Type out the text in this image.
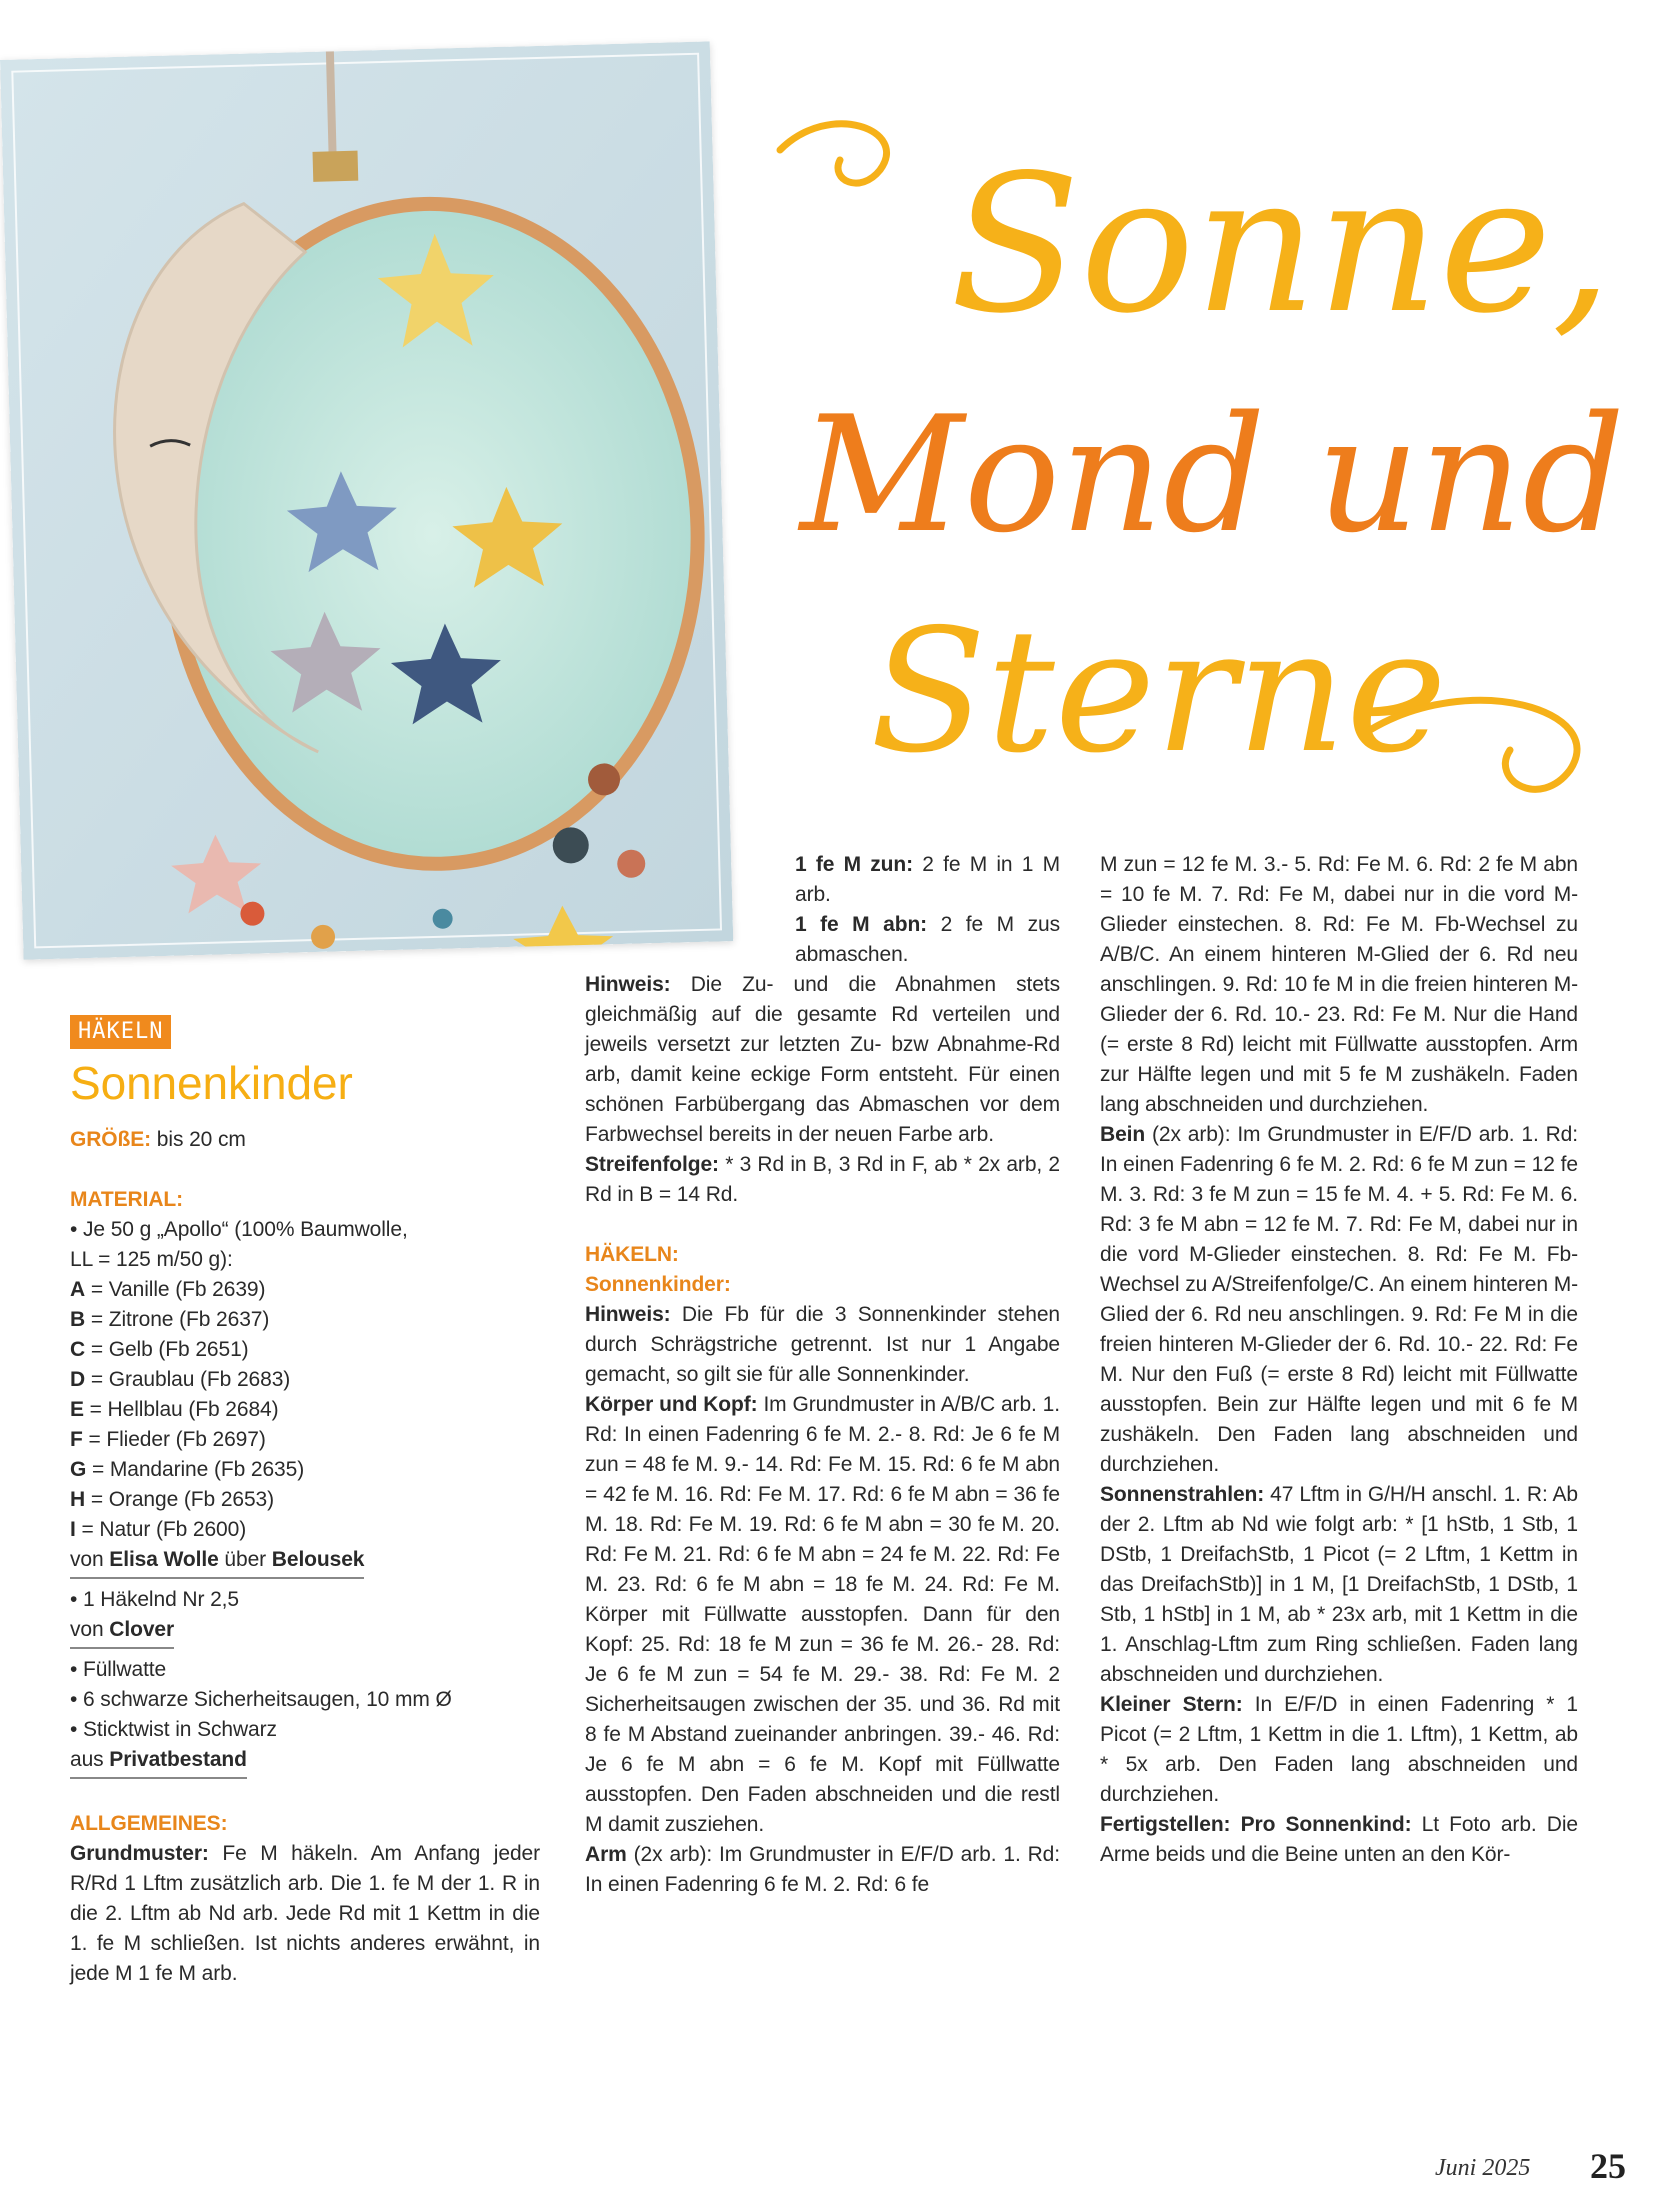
Sonne,
Mond und
Sterne
HÄKELN
Sonnenkinder

GRÖßE: bis 20 cm

MATERIAL:

• Je 50 g „Apollo“ (100% Baumwolle,

LL = 125 m/50 g):

A = Vanille (Fb 2639)

B = Zitrone (Fb 2637)

C = Gelb (Fb 2651)

D = Graublau (Fb 2683)

E = Hellblau (Fb 2684)

F = Flieder (Fb 2697)

G = Mandarine (Fb 2635)

H = Orange (Fb 2653)

I = Natur (Fb 2600)

von Elisa Wolle über Belousek

• 1 Häkelnd Nr 2,5

von Clover

• Füllwatte

• 6 schwarze Sicherheitsaugen, 10 mm Ø

• Sticktwist in Schwarz

aus Privatbestand

ALLGEMEINES:

Grundmuster: Fe M häkeln. Am Anfang jeder R/Rd 1 Lftm zusätzlich arb. Die 1. fe M der 1. R in die 2. Lftm ab Nd arb. Jede Rd mit 1 Kettm in die 1. fe M schließen. Ist nichts anderes erwähnt, in jede M 1 fe M arb.

1 fe M zun: 2 fe M in 1 M arb.

1 fe M abn: 2 fe M zus abmaschen.

Hinweis: Die Zu- und die Abnahmen stets gleichmäßig auf die gesamte Rd verteilen und jeweils versetzt zur letzten Zu- bzw Abnahme-Rd arb, damit keine eckige Form entsteht. Für einen schönen Farbübergang das Abmaschen vor dem Farbwechsel bereits in der neuen Farbe arb.

Streifenfolge: * 3 Rd in B, 3 Rd in F, ab * 2x arb, 2 Rd in B = 14 Rd.

HÄKELN:

Sonnenkinder:

Hinweis: Die Fb für die 3 Sonnenkinder stehen durch Schrägstriche getrennt. Ist nur 1 Angabe gemacht, so gilt sie für alle Sonnenkinder.

Körper und Kopf: Im Grundmuster in A/B/C arb. 1. Rd: In einen Fadenring 6 fe M. 2.- 8. Rd: Je 6 fe M zun = 48 fe M. 9.- 14. Rd: Fe M. 15. Rd: 6 fe M abn = 42 fe M. 16. Rd: Fe M. 17. Rd: 6 fe M abn = 36 fe M. 18. Rd: Fe M. 19. Rd: 6 fe M abn = 30 fe M. 20. Rd: Fe M. 21. Rd: 6 fe M abn = 24 fe M. 22. Rd: Fe M. 23. Rd: 6 fe M abn = 18 fe M. 24. Rd: Fe M. Körper mit Füllwatte ausstopfen. Dann für den Kopf: 25. Rd: 18 fe M zun = 36 fe M. 26.- 28. Rd: Je 6 fe M zun = 54 fe M. 29.- 38. Rd: Fe M. 2 Sicherheitsaugen zwischen der 35. und 36. Rd mit 8 fe M Abstand zueinander anbringen. 39.- 46. Rd: Je 6 fe M abn = 6 fe M. Kopf mit Füllwatte ausstopfen. Den Faden abschneiden und die restl M damit zusziehen.

Arm (2x arb): Im Grundmuster in E/F/D arb. 1. Rd: In einen Fadenring 6 fe M. 2. Rd: 6 fe

M zun = 12 fe M. 3.- 5. Rd: Fe M. 6. Rd: 2 fe M abn = 10 fe M. 7. Rd: Fe M, dabei nur in die vord M-Glieder einstechen. 8. Rd: Fe M. Fb-Wechsel zu A/B/C. An einem hinteren M-Glied der 6. Rd neu anschlingen. 9. Rd: 10 fe M in die freien hinteren M-Glieder der 6. Rd. 10.- 23. Rd: Fe M. Nur die Hand (= erste 8 Rd) leicht mit Füllwatte ausstopfen. Arm zur Hälfte legen und mit 5 fe M zushäkeln. Faden lang abschneiden und durchziehen.

Bein (2x arb): Im Grundmuster in E/F/D arb. 1. Rd: In einen Fadenring 6 fe M. 2. Rd: 6 fe M zun = 12 fe M. 3. Rd: 3 fe M zun = 15 fe M. 4. + 5. Rd: Fe M. 6. Rd: 3 fe M abn = 12 fe M. 7. Rd: Fe M, dabei nur in die vord M-Glieder einstechen. 8. Rd: Fe M. Fb-Wechsel zu A/Streifenfolge/C. An einem hinteren M-Glied der 6. Rd neu anschlingen. 9. Rd: Fe M in die freien hinteren M-Glieder der 6. Rd. 10.- 22. Rd: Fe M. Nur den Fuß (= erste 8 Rd) leicht mit Füllwatte ausstopfen. Bein zur Hälfte legen und mit 6 fe M zushäkeln. Den Faden lang abschneiden und durchziehen.

Sonnenstrahlen: 47 Lftm in G/H/H anschl. 1. R: Ab der 2. Lftm ab Nd wie folgt arb: * [1 hStb, 1 Stb, 1 DStb, 1 DreifachStb, 1 Picot (= 2 Lftm, 1 Kettm in das DreifachStb)] in 1 M, [1 DreifachStb, 1 DStb, 1 Stb, 1 hStb] in 1 M, ab * 23x arb, mit 1 Kettm in die 1. Anschlag-Lftm zum Ring schließen. Faden lang abschneiden und durchziehen.

Kleiner Stern: In E/F/D in einen Fadenring * 1 Picot (= 2 Lftm, 1 Kettm in die 1. Lftm), 1 Kettm, ab * 5x arb. Den Faden lang abschneiden und durchziehen.

Fertigstellen: Pro Sonnenkind: Lt Foto arb. Die Arme beids und die Beine unten an den Kör-

Juni 2025 25
